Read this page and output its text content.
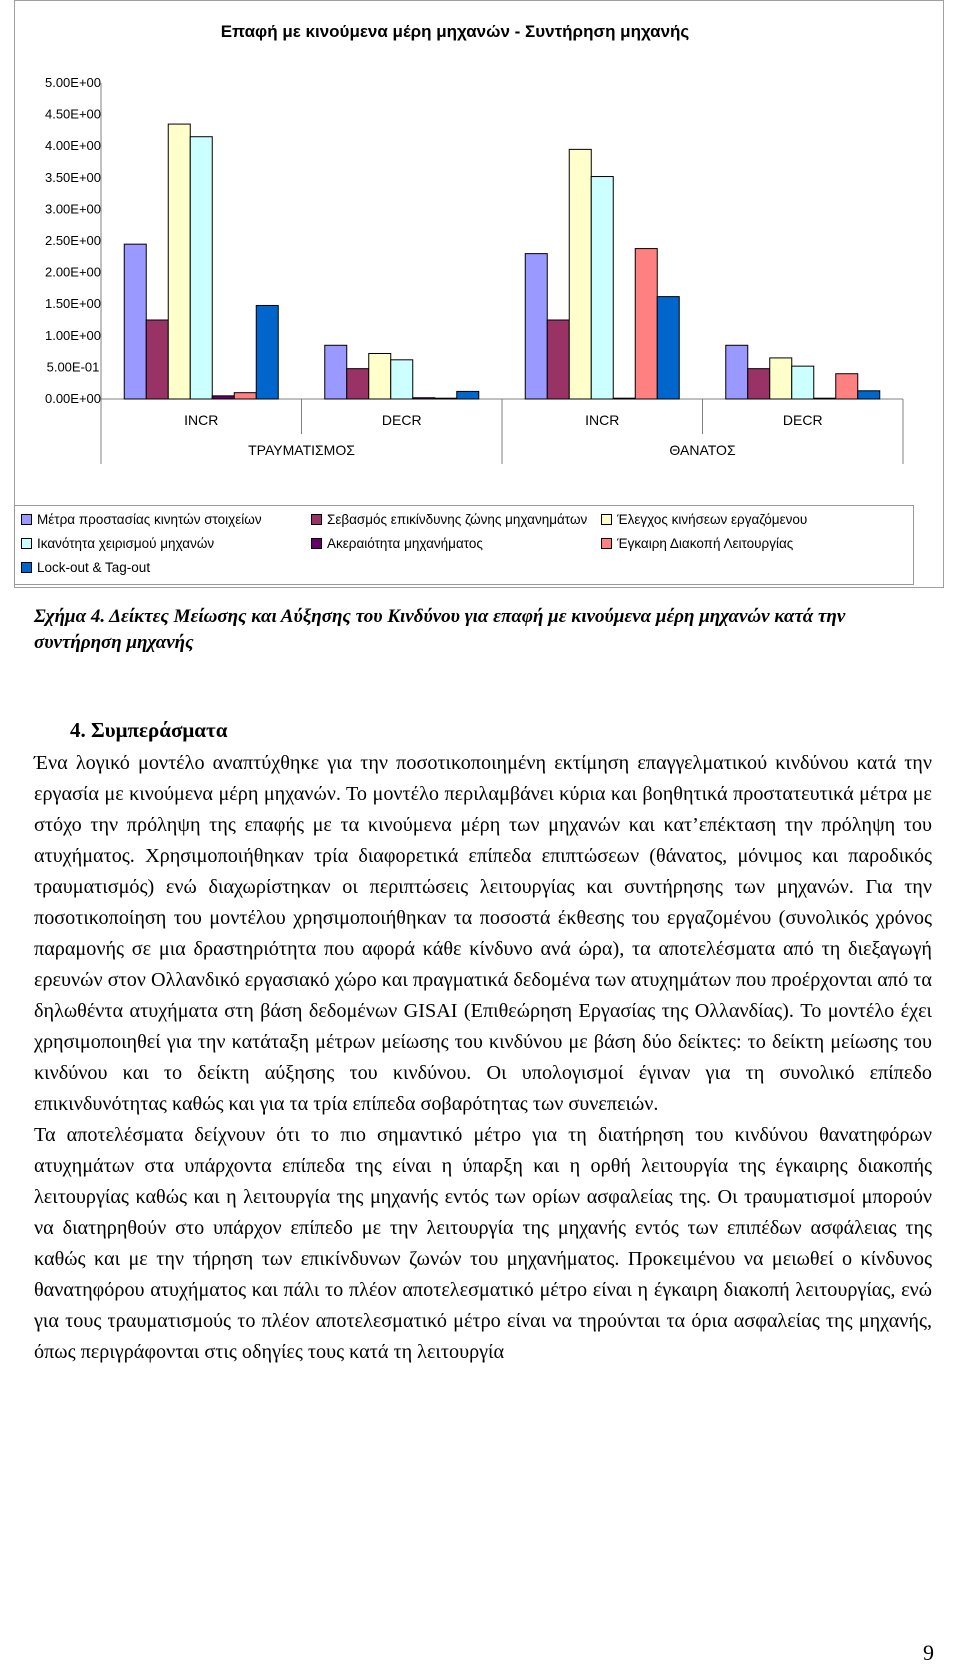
Επαφή με κινούμενα μέρη μηχανών - Συντήρηση μηχανής
5.00E+00
4.50E+00
4.00E+00
3.50E+00
3.00E+00
2.50E+00
2.00E+00
1.50E+00
1.00E+00
5.00E-01
0.00E+00
INCR	DECR	INCR	DECR
ΤΡΑΥΜΑΤΙΣΜΟΣ	ΘΑΝΑΤΟΣ
Μέτρα προστασίας κινητών στοιχείων	Σεβασμός επικίνδυνης ζώνης μηχανημάτων Έλεγχος κινήσεων εργαζόμενου
Ικανότητα χειρισμού μηχανών	Ακεραιότητα μηχανήματος	Έγκαιρη Διακοπή Λειτουργίας
Lock-out & Tag-out
Σχήμα 4. Δείκτες Μείωσης και Αύξησης του Κινδύνου για επαφή με κινούμενα μέρη μηχανών κατά την συντήρηση μηχανής
4. Συμπεράσματα
Ένα λογικό μοντέλο αναπτύχθηκε για την ποσοτικοποιημένη εκτίμηση επαγγελματικού κινδύνου κατά την εργασία με κινούμενα μέρη μηχανών. Το μοντέλο περιλαμβάνει κύρια και βοηθητικά προστατευτικά μέτρα με στόχο την πρόληψη της επαφής με τα κινούμενα μέρη των μηχανών και κατ’επέκταση την πρόληψη του ατυχήματος. Χρησιμοποιήθηκαν τρία διαφορετικά επίπεδα επιπτώσεων (θάνατος, μόνιμος και παροδικός τραυματισμός) ενώ διαχωρίστηκαν οι περιπτώσεις λειτουργίας και συντήρησης των μηχανών. Για την ποσοτικοποίηση του μοντέλου χρησιμοποιήθηκαν τα ποσοστά έκθεσης του εργαζομένου (συνολικός χρόνος παραμονής σε μια δραστηριότητα που αφορά κάθε κίνδυνο ανά ώρα), τα αποτελέσματα από τη διεξαγωγή ερευνών στον Ολλανδικό εργασιακό χώρο και πραγματικά δεδομένα των ατυχημάτων που προέρχονται από τα δηλωθέντα ατυχήματα στη βάση δεδομένων GISAI (Επιθεώρηση Εργασίας της Ολλανδίας). Το μοντέλο έχει χρησιμοποιηθεί για την κατάταξη μέτρων μείωσης του κινδύνου με βάση δύο δείκτες: το δείκτη μείωσης του κινδύνου και το δείκτη αύξησης του κινδύνου. Οι υπολογισμοί έγιναν για τη συνολικό επίπεδο επικινδυνότητας καθώς και για τα τρία επίπεδα σοβαρότητας των συνεπειών.
Τα αποτελέσματα δείχνουν ότι το πιο σημαντικό μέτρο για τη διατήρηση του κινδύνου θανατηφόρων ατυχημάτων στα υπάρχοντα επίπεδα της είναι η ύπαρξη και η ορθή λειτουργία της έγκαιρης διακοπής λειτουργίας καθώς και η λειτουργία της μηχανής εντός των ορίων ασφαλείας της. Οι τραυματισμοί μπορούν να διατηρηθούν στο υπάρχον επίπεδο με την λειτουργία της μηχανής εντός των επιπέδων ασφάλειας της καθώς και με την τήρηση των επικίνδυνων ζωνών του μηχανήματος. Προκειμένου να μειωθεί ο κίνδυνος θανατηφόρου ατυχήματος και πάλι το πλέον αποτελεσματικό μέτρο είναι η έγκαιρη διακοπή λειτουργίας, ενώ για τους τραυματισμούς το πλέον αποτελεσματικό μέτρο είναι να τηρούνται τα όρια ασφαλείας της μηχανής, όπως περιγράφονται στις οδηγίες τους κατά τη λειτουργία
9
